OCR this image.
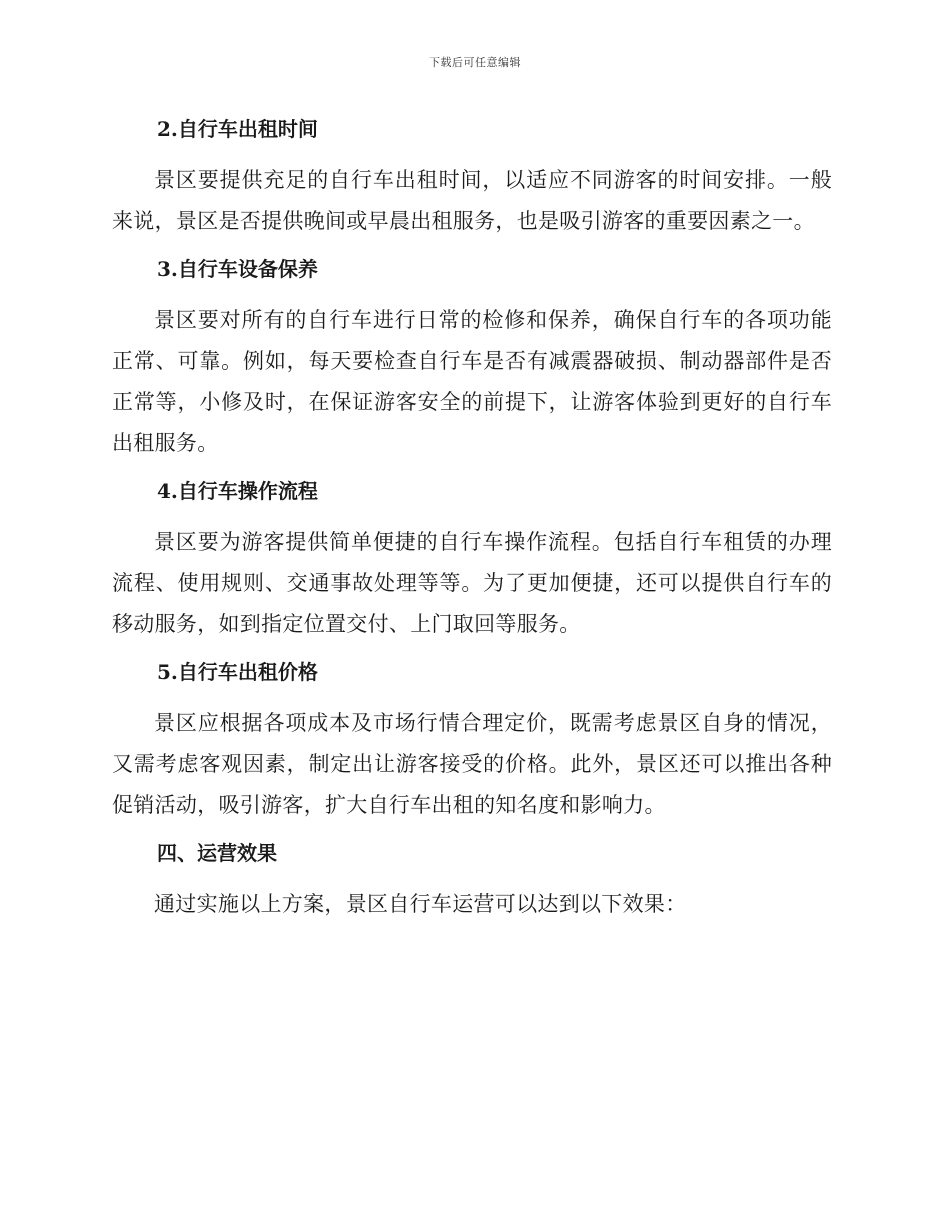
下载后可任意编辑
2.自行车出租时间

景区要提供充足的自行车出租时间，以适应不同游客的时间安排。一般来说，景区是否提供晚间或早晨出租服务，也是吸引游客的重要因素之一。

3.自行车设备保养

景区要对所有的自行车进行日常的检修和保养，确保自行车的各项功能正常、可靠。例如，每天要检查自行车是否有减震器破损、制动器部件是否正常等，小修及时，在保证游客安全的前提下，让游客体验到更好的自行车出租服务。

4.自行车操作流程

景区要为游客提供简单便捷的自行车操作流程。包括自行车租赁的办理流程、使用规则、交通事故处理等等。为了更加便捷，还可以提供自行车的移动服务，如到指定位置交付、上门取回等服务。

5.自行车出租价格

景区应根据各项成本及市场行情合理定价，既需考虑景区自身的情况，又需考虑客观因素，制定出让游客接受的价格。此外，景区还可以推出各种促销活动，吸引游客，扩大自行车出租的知名度和影响力。

四、运营效果

通过实施以上方案，景区自行车运营可以达到以下效果：
